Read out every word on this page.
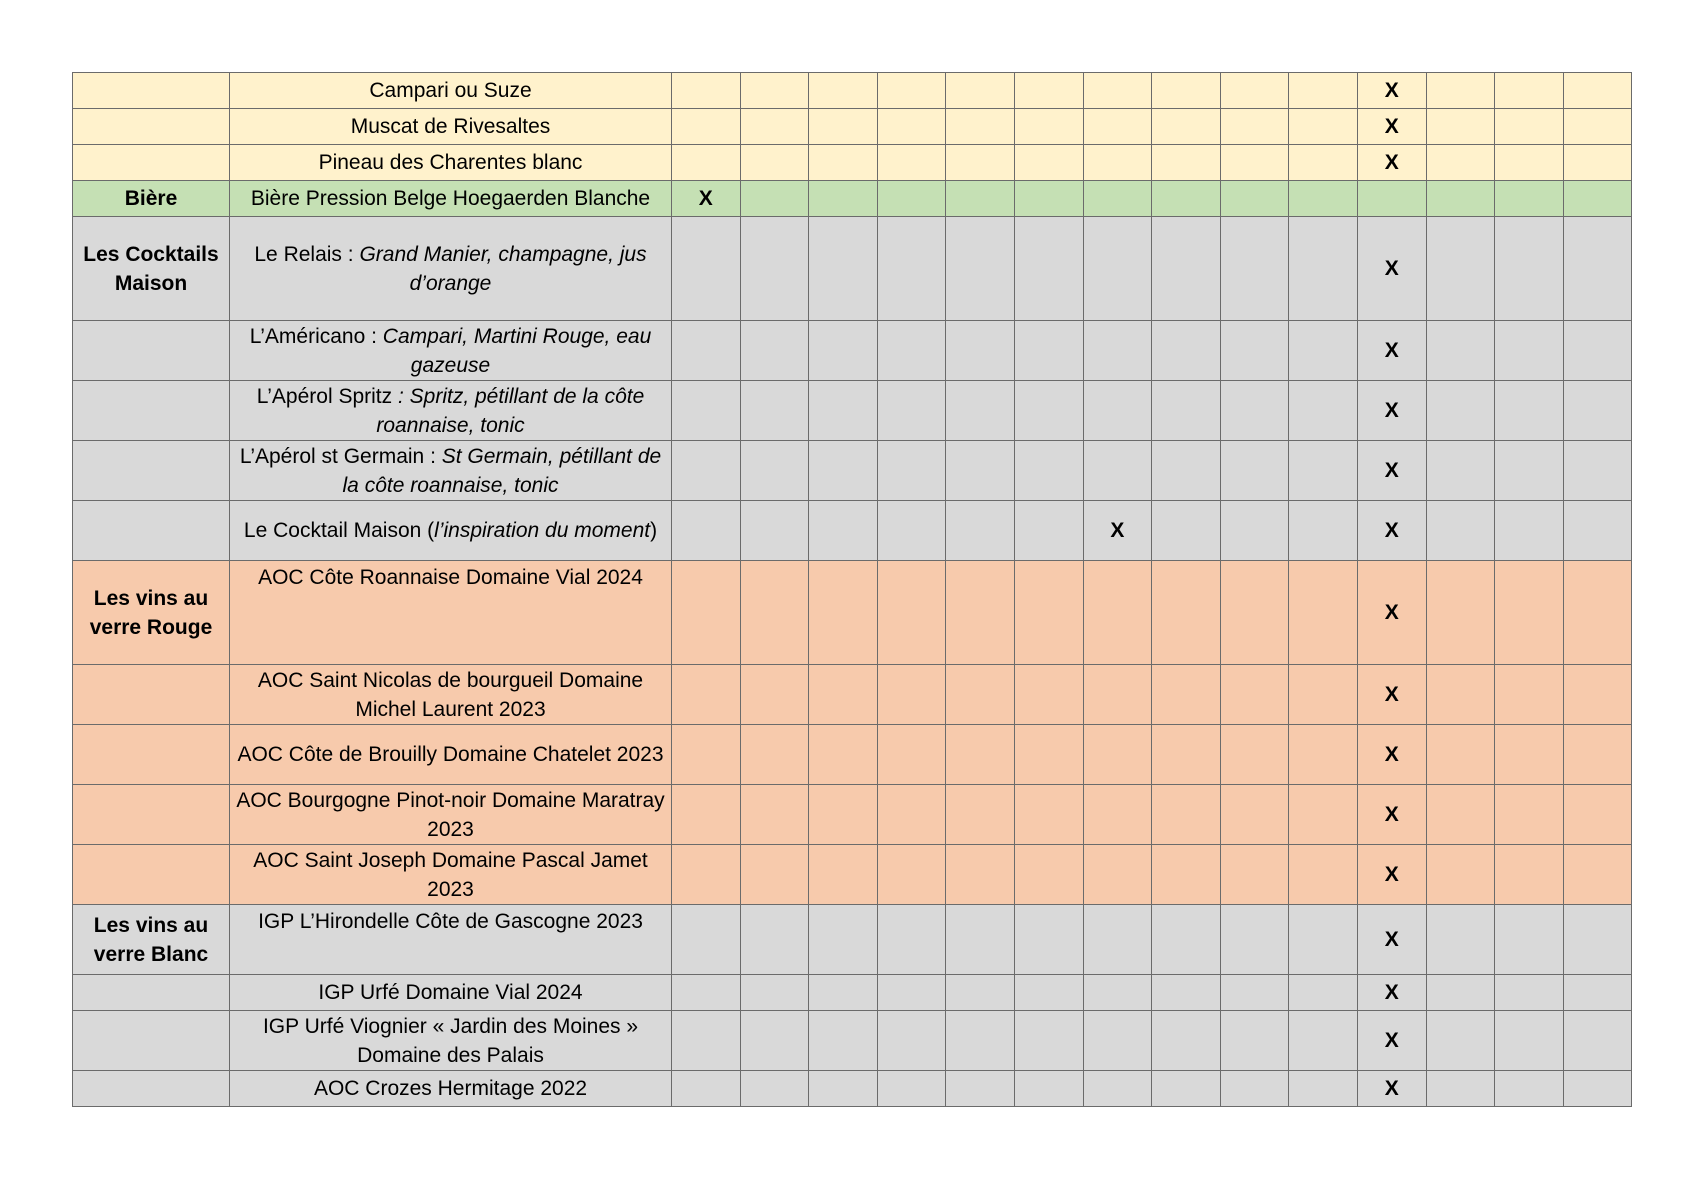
	Campari ou Suze											X			
	Muscat de Rivesaltes											X			
	Pineau des Charentes blanc											X			
Bière	Bière Pression Belge Hoegaerden Blanche	X													
Les Cocktails Maison	Le Relais : Grand Manier, champagne, jus d’orange											X			
	L’Américano : Campari, Martini Rouge, eau gazeuse											X			
	L’Apérol Spritz : Spritz, pétillant de la côte roannaise, tonic											X			
	L’Apérol st Germain : St Germain, pétillant de la côte roannaise, tonic											X			
	Le Cocktail Maison (l’inspiration du moment)							X				X			
Les vins au verre Rouge	AOC Côte Roannaise Domaine Vial 2024											X			
	AOC Saint Nicolas de bourgueil Domaine Michel Laurent 2023											X			
	AOC Côte de Brouilly Domaine Chatelet 2023											X			
	AOC Bourgogne Pinot-noir Domaine Maratray 2023											X			
	AOC Saint Joseph Domaine Pascal Jamet 2023											X			
Les vins au verre Blanc	IGP L’Hirondelle Côte de Gascogne 2023											X			
	IGP Urfé Domaine Vial 2024											X			
	IGP Urfé Viognier « Jardin des Moines » Domaine des Palais											X			
	AOC Crozes Hermitage 2022											X			
